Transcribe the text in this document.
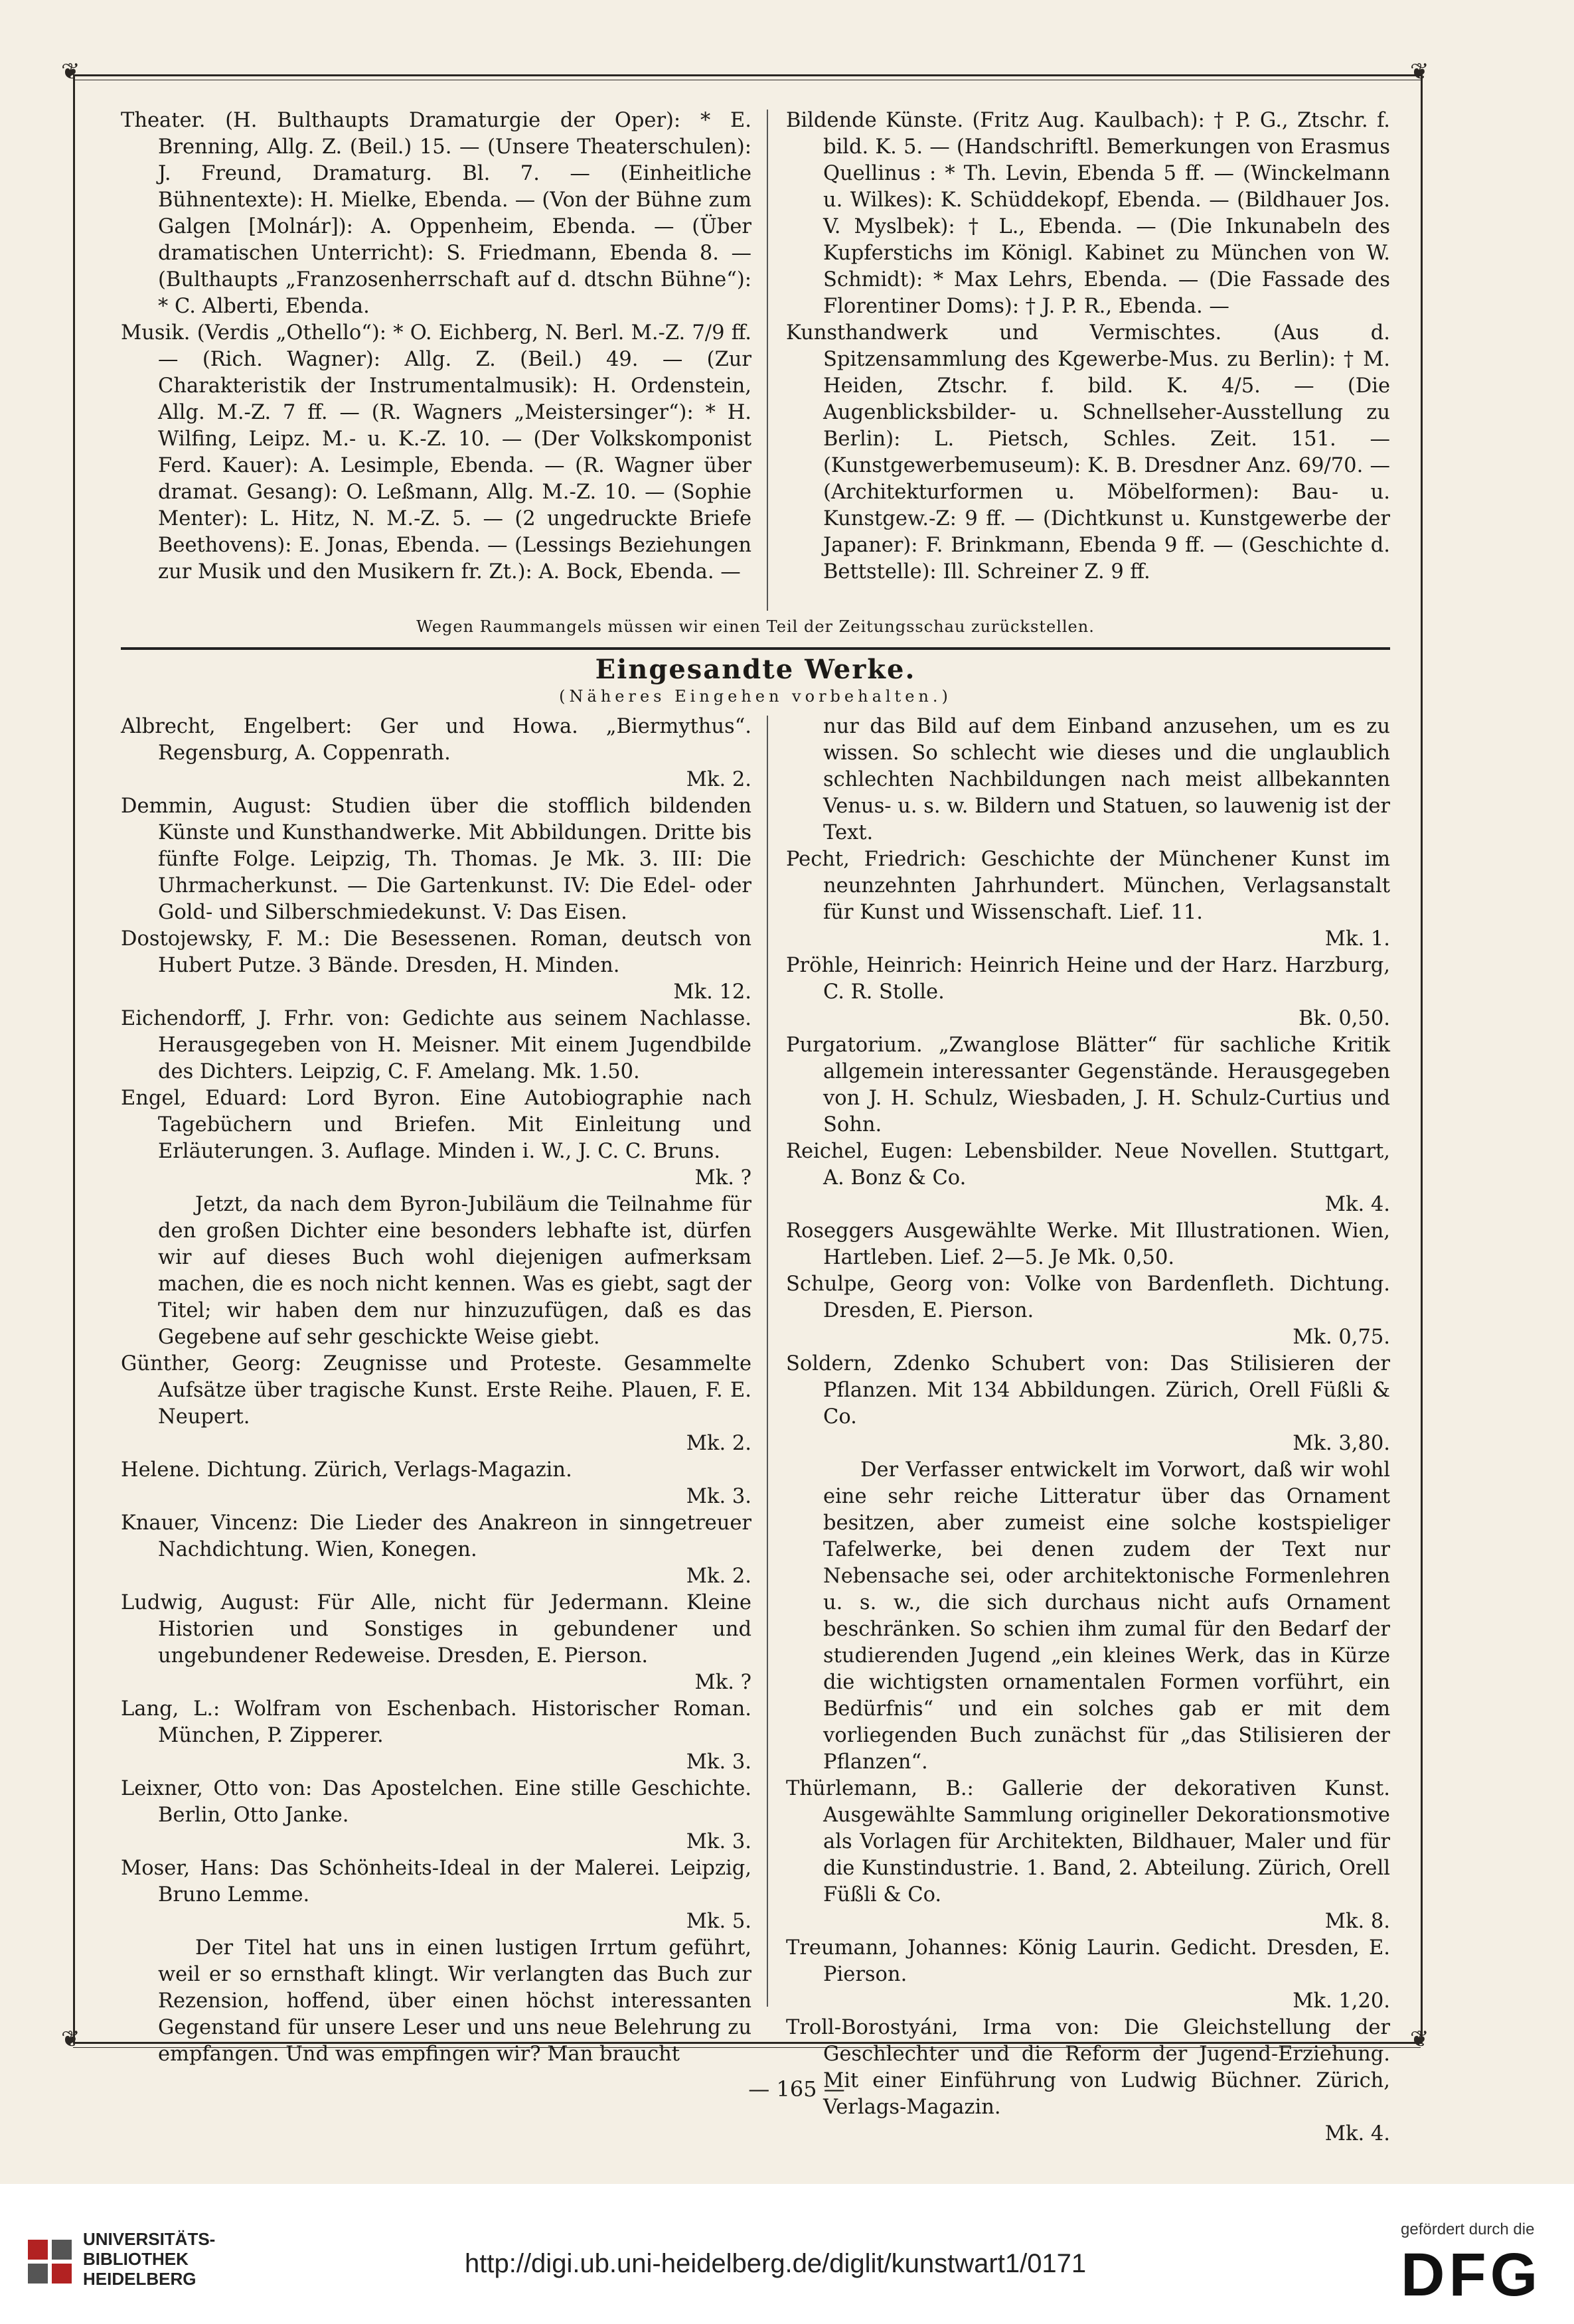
❦	❦
❦	❦

Theater. (H. Bulthaupts Dramaturgie der Oper): * E. Brenning, Allg. Z. (Beil.) 15. — (Unsere Theaterschulen): J. Freund, Dramaturg. Bl. 7. — (Einheitliche Bühnentexte): H. Mielke, Ebenda. — (Von der Bühne zum Galgen [Molnár]): A. Oppenheim, Ebenda. — (Über dramatischen Unterricht): S. Friedmann, Ebenda 8. — (Bulthaupts „Franzosenherrschaft auf d. dtschn Bühne“): * C. Alberti, Ebenda.

Musik. (Verdis „Othello“): * O. Eichberg, N. Berl. M.-Z. 7/9 ff. — (Rich. Wagner): Allg. Z. (Beil.) 49. — (Zur Charakteristik der Instrumentalmusik): H. Ordenstein, Allg. M.-Z. 7 ff. — (R. Wagners „Meistersinger“): * H. Wilfing, Leipz. M.- u. K.-Z. 10. — (Der Volkskomponist Ferd. Kauer): A. Lesimple, Ebenda. — (R. Wagner über dramat. Gesang): O. Leßmann, Allg. M.-Z. 10. — (Sophie Menter): L. Hitz, N. M.-Z. 5. — (2 ungedruckte Briefe Beethovens): E. Jonas, Ebenda. — (Lessings Beziehungen zur Musik und den Musikern fr. Zt.): A. Bock, Ebenda. —

Bildende Künste. (Fritz Aug. Kaulbach): † P. G., Ztschr. f. bild. K. 5. — (Handschriftl. Bemerkungen von Erasmus Quellinus : * Th. Levin, Ebenda 5 ff. — (Winckelmann u. Wilkes): K. Schüddekopf, Ebenda. — (Bildhauer Jos. V. Myslbek): † L., Ebenda. — (Die Inkunabeln des Kupferstichs im Königl. Kabinet zu München von W. Schmidt): * Max Lehrs, Ebenda. — (Die Fassade des Florentiner Doms): † J. P. R., Ebenda. —

Kunsthandwerk und Vermischtes. (Aus d. Spitzensammlung des Kgewerbe-Mus. zu Berlin): † M. Heiden, Ztschr. f. bild. K. 4/5. — (Die Augenblicksbilder- u. Schnellseher-Ausstellung zu Berlin): L. Pietsch, Schles. Zeit. 151. — (Kunstgewerbemuseum): K. B. Dresdner Anz. 69/70. — (Architekturformen u. Möbelformen): Bau- u. Kunstgew.-Z: 9 ff. — (Dichtkunst u. Kunstgewerbe der Japaner): F. Brinkmann, Ebenda 9 ff. — (Geschichte d. Bettstelle): Ill. Schreiner Z. 9 ff.

Wegen Raummangels müssen wir einen Teil der Zeitungsschau zurückstellen.
Eingesandte Werke.
(Näheres Eingehen vorbehalten.)

Albrecht, Engelbert: Ger und Howa. „Biermythus“. Regensburg, A. Coppenrath.
Mk. 2.

Demmin, August: Studien über die stofflich bildenden Künste und Kunsthandwerke. Mit Abbildungen. Dritte bis fünfte Folge. Leipzig, Th. Thomas. Je Mk. 3. III: Die Uhrmacherkunst. — Die Gartenkunst. IV: Die Edel- oder Gold- und Silberschmiedekunst. V: Das Eisen.

Dostojewsky, F. M.: Die Besessenen. Roman, deutsch von Hubert Putze. 3 Bände. Dresden, H. Minden.
Mk. 12.

Eichendorff, J. Frhr. von: Gedichte aus seinem Nachlasse. Herausgegeben von H. Meisner. Mit einem Jugendbilde des Dichters. Leipzig, C. F. Amelang. Mk. 1.50.

Engel, Eduard: Lord Byron. Eine Autobiographie nach Tagebüchern und Briefen. Mit Einleitung und Erläuterungen. 3. Auflage. Minden i. W., J. C. C. Bruns.
Mk. ?

Jetzt, da nach dem Byron-Jubiläum die Teilnahme für den großen Dichter eine besonders lebhafte ist, dürfen wir auf dieses Buch wohl diejenigen aufmerksam machen, die es noch nicht kennen. Was es giebt, sagt der Titel; wir haben dem nur hinzuzufügen, daß es das Gegebene auf sehr geschickte Weise giebt.

Günther, Georg: Zeugnisse und Proteste. Gesammelte Aufsätze über tragische Kunst. Erste Reihe. Plauen, F. E. Neupert.
Mk. 2.

Helene. Dichtung. Zürich, Verlags-Magazin.
Mk. 3.

Knauer, Vincenz: Die Lieder des Anakreon in sinngetreuer Nachdichtung. Wien, Konegen.
Mk. 2.

Ludwig, August: Für Alle, nicht für Jedermann. Kleine Historien und Sonstiges in gebundener und ungebundener Redeweise. Dresden, E. Pierson.
Mk. ?

Lang, L.: Wolfram von Eschenbach. Historischer Roman. München, P. Zipperer.
Mk. 3.

Leixner, Otto von: Das Apostelchen. Eine stille Geschichte. Berlin, Otto Janke.
Mk. 3.

Moser, Hans: Das Schönheits-Ideal in der Malerei. Leipzig, Bruno Lemme.
Mk. 5.

Der Titel hat uns in einen lustigen Irrtum geführt, weil er so ernsthaft klingt. Wir verlangten das Buch zur Rezension, hoffend, über einen höchst interessanten Gegenstand für unsere Leser und uns neue Belehrung zu empfangen. Und was empfingen wir? Man braucht

nur das Bild auf dem Einband anzusehen, um es zu wissen. So schlecht wie dieses und die unglaublich schlechten Nachbildungen nach meist allbekannten Venus- u. s. w. Bildern und Statuen, so lauwenig ist der Text.

Pecht, Friedrich: Geschichte der Münchener Kunst im neunzehnten Jahrhundert. München, Verlagsanstalt für Kunst und Wissenschaft. Lief. 11.
Mk. 1.

Pröhle, Heinrich: Heinrich Heine und der Harz. Harzburg, C. R. Stolle.
Bk. 0,50.

Purgatorium. „Zwanglose Blätter“ für sachliche Kritik allgemein interessanter Gegenstände. Herausgegeben von J. H. Schulz, Wiesbaden, J. H. Schulz-Curtius und Sohn.

Reichel, Eugen: Lebensbilder. Neue Novellen. Stuttgart, A. Bonz & Co.
Mk. 4.

Roseggers Ausgewählte Werke. Mit Illustrationen. Wien, Hartleben. Lief. 2—5. Je Mk. 0,50.

Schulpe, Georg von: Volke von Bardenfleth. Dichtung. Dresden, E. Pierson.
Mk. 0,75.

Soldern, Zdenko Schubert von: Das Stilisieren der Pflanzen. Mit 134 Abbildungen. Zürich, Orell Füßli & Co.
Mk. 3,80.

Der Verfasser entwickelt im Vorwort, daß wir wohl eine sehr reiche Litteratur über das Ornament besitzen, aber zumeist eine solche kostspieliger Tafelwerke, bei denen zudem der Text nur Nebensache sei, oder architektonische Formenlehren u. s. w., die sich durchaus nicht aufs Ornament beschränken. So schien ihm zumal für den Bedarf der studierenden Jugend „ein kleines Werk, das in Kürze die wichtigsten ornamentalen Formen vorführt, ein Bedürfnis“ und ein solches gab er mit dem vorliegenden Buch zunächst für „das Stilisieren der Pflanzen“.

Thürlemann, B.: Gallerie der dekorativen Kunst. Ausgewählte Sammlung origineller Dekorationsmotive als Vorlagen für Architekten, Bildhauer, Maler und für die Kunstindustrie. 1. Band, 2. Abteilung. Zürich, Orell Füßli & Co.
Mk. 8.

Treumann, Johannes: König Laurin. Gedicht. Dresden, E. Pierson.
Mk. 1,20.

Troll-Borostyáni, Irma von: Die Gleichstellung der Geschlechter und die Reform der Jugend-Erziehung. Mit einer Einführung von Ludwig Büchner. Zürich, Verlags-Magazin.
Mk. 4.

— 165 —
UNIVERSITÄTS-
BIBLIOTHEK
HEIDELBERG
http://digi.ub.uni-heidelberg.de/diglit/kunstwart1/0171
gefördert durch die
DFG
